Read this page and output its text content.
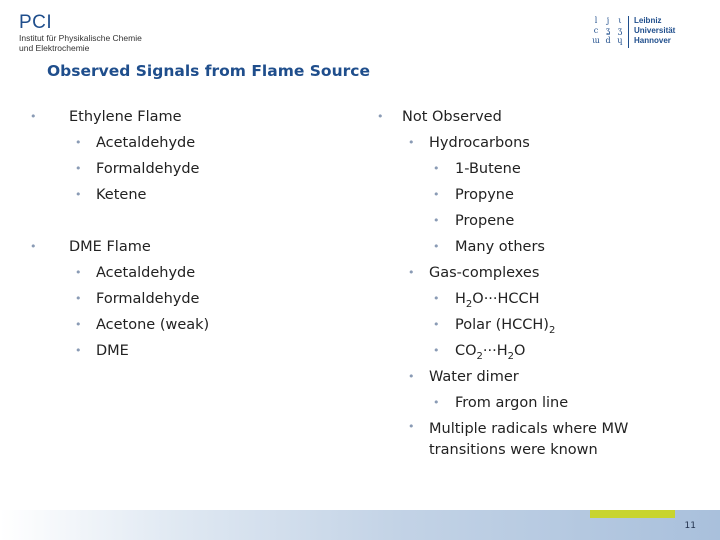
PCI
Institut für Physikalische Chemie
und Elektrochemie
l	j	ι
c ʓ ʒ
ɯ d ɥ
Leibniz
Universität
Hannover
Observed Signals from Flame Source
• Ethylene Flame
• Acetaldehyde
• Formaldehyde
• Ketene
• DME Flame
• Acetaldehyde
• Formaldehyde
• Acetone (weak)
• DME
• Not Observed
• Hydrocarbons
• 1-Butene
• Propyne
• Propene
• Many others
• Gas-complexes
• $H_2O\cdot\cdot\cdot HCCH$
• Polar $(HCCH)_2$
• $CO_2\cdot\cdot\cdot H_2O$
• Water dimer
• From argon line
• Multiple radicals where MW transitions were known
11
